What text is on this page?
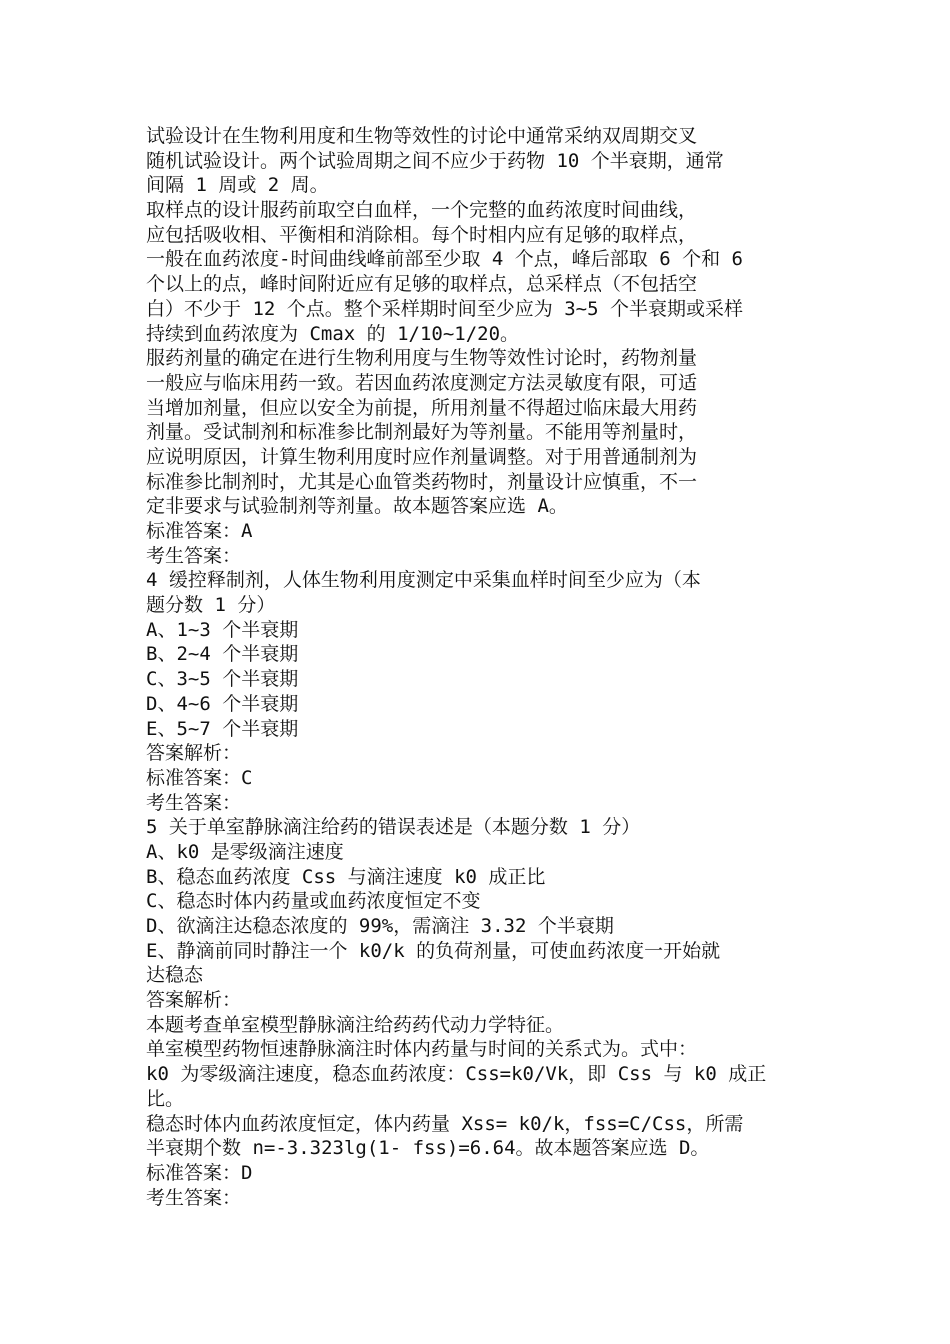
试验设计在生物利用度和生物等效性的讨论中通常采纳双周期交叉
随机试验设计。两个试验周期之间不应少于药物 10 个半衰期，通常
间隔 1 周或 2 周。
取样点的设计服药前取空白血样，一个完整的血药浓度时间曲线，
应包括吸收相、平衡相和消除相。每个时相内应有足够的取样点，
一般在血药浓度-时间曲线峰前部至少取 4 个点，峰后部取 6 个和 6
个以上的点，峰时间附近应有足够的取样点，总采样点（不包括空
白）不少于 12 个点。整个采样期时间至少应为 3~5 个半衰期或采样
持续到血药浓度为 Cmax 的 1/10~1/20。
服药剂量的确定在进行生物利用度与生物等效性讨论时，药物剂量
一般应与临床用药一致。若因血药浓度测定方法灵敏度有限，可适
当增加剂量，但应以安全为前提，所用剂量不得超过临床最大用药
剂量。受试制剂和标准参比制剂最好为等剂量。不能用等剂量时，
应说明原因，计算生物利用度时应作剂量调整。对于用普通制剂为
标准参比制剂时，尤其是心血管类药物时，剂量设计应慎重，不一
定非要求与试验制剂等剂量。故本题答案应选 A。
标准答案：A
考生答案：
4 缓控释制剂，人体生物利用度测定中采集血样时间至少应为（本
题分数 1 分）
A、1~3 个半衰期
B、2~4 个半衰期
C、3~5 个半衰期
D、4~6 个半衰期
E、5~7 个半衰期
答案解析：
标准答案：C
考生答案：
5 关于单室静脉滴注给药的错误表述是（本题分数 1 分）
A、k0 是零级滴注速度
B、稳态血药浓度 Css 与滴注速度 k0 成正比
C、稳态时体内药量或血药浓度恒定不变
D、欲滴注达稳态浓度的 99%，需滴注 3.32 个半衰期
E、静滴前同时静注一个 k0/k 的负荷剂量，可使血药浓度一开始就
达稳态
答案解析：
本题考查单室模型静脉滴注给药药代动力学特征。
单室模型药物恒速静脉滴注时体内药量与时间的关系式为。式中：
k0 为零级滴注速度，稳态血药浓度：Css=k0/Vk，即 Css 与 k0 成正
比。
稳态时体内血药浓度恒定，体内药量 Xss= k0/k，fss=C/Css，所需
半衰期个数 n=-3.323lg(1- fss)=6.64。故本题答案应选 D。
标准答案：D
考生答案：
